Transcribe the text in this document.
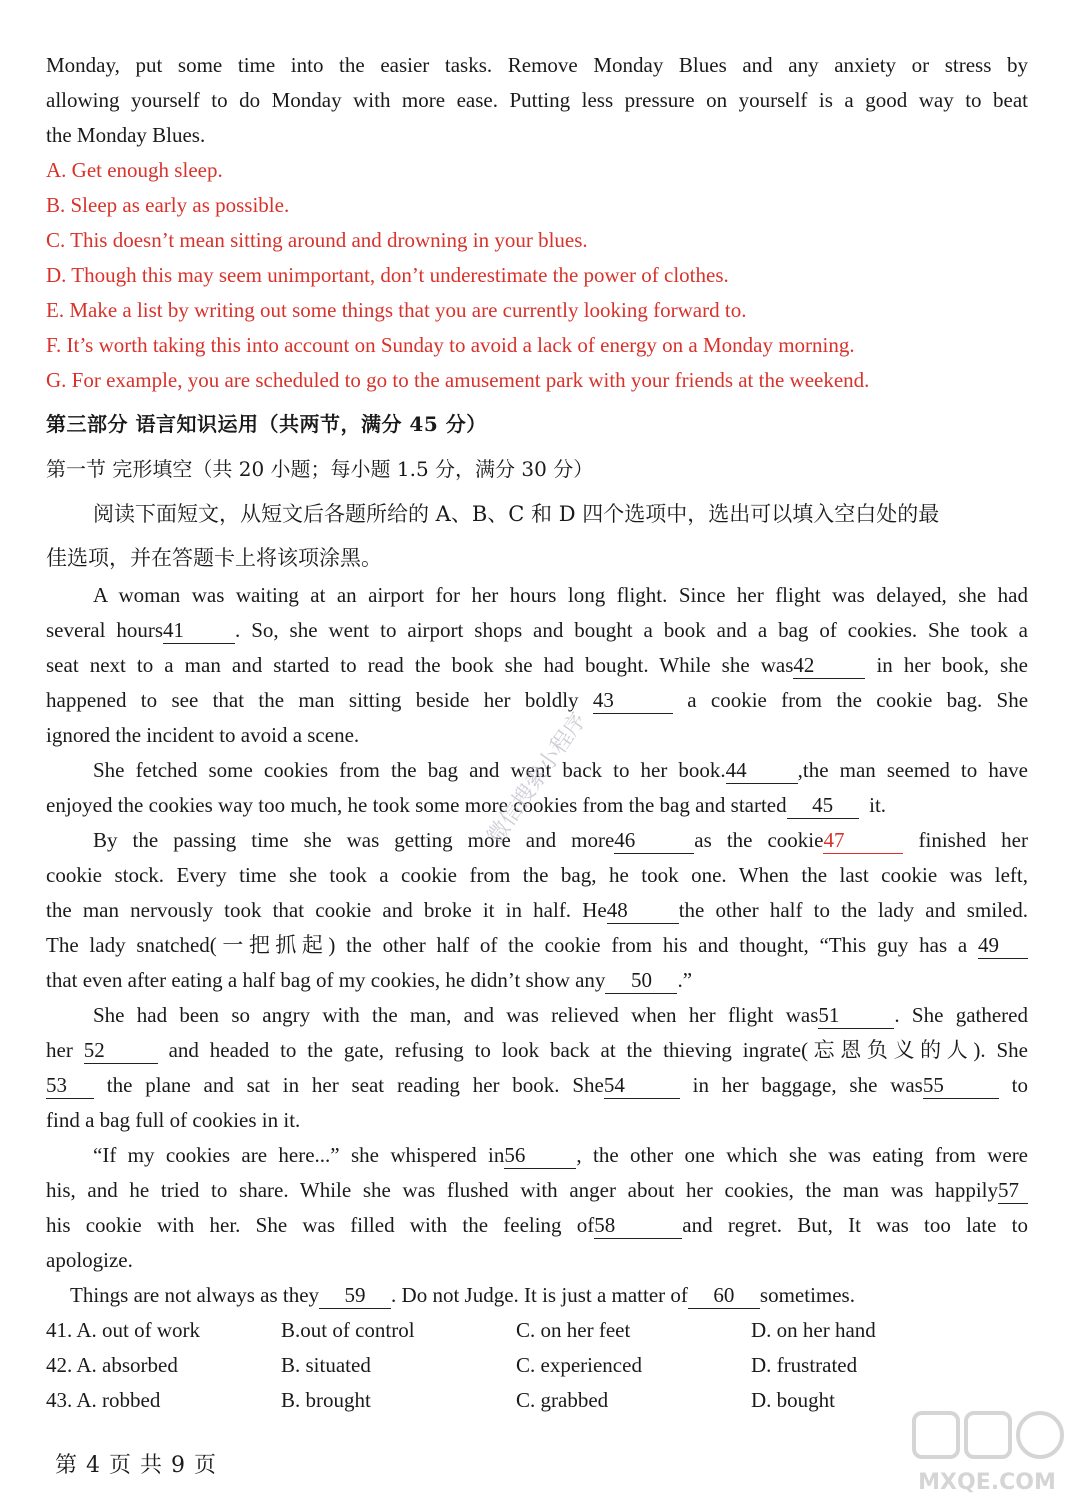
Monday, put some time into the easier tasks. Remove Monday Blues and any anxiety or stress by
allowing yourself to do Monday with more ease. Putting less pressure on yourself is a good way to beat
the Monday Blues.
A. Get enough sleep.
B. Sleep as early as possible.
C. This doesn’t mean sitting around and drowning in your blues.
D. Though this may seem unimportant, don’t underestimate the power of clothes.
E. Make a list by writing out some things that you are currently looking forward to.
F. It’s worth taking this into account on Sunday to avoid a lack of energy on a Monday morning.
G. For example, you are scheduled to go to the amusement park with your friends at the weekend.
第三部分 语言知识运用（共两节，满分 45 分）
第一节 完形填空（共 20 小题；每小题 1.5 分，满分 30 分）
阅读下面短文，从短文后各题所给的 A、B、C 和 D 四个选项中，选出可以填入空白处的最
佳选项，并在答题卡上将该项涂黑。
A woman was waiting at an airport for her hours long flight. Since her flight was delayed, she had
several hours41 . So, she went to airport shops and bought a book and a bag of cookies. She took a
seat next to a man and started to read the book she had bought. While she was42	in her book, she
happened to see that the man sitting beside her boldly 43	a cookie from the cookie bag. She
ignored the incident to avoid a scene.
She fetched some cookies from the bag and went back to her book.44 ,the man seemed to have
enjoyed the cookies way too much, he took some more cookies from the bag and started 45 it.
By the passing time she was getting more and more46	as the cookie47	finished her
cookie stock. Every time she took a cookie from the bag, he took one. When the last cookie was left,
the man nervously took that cookie and broke it in half. He48 the other half to the lady and smiled.
The lady snatched(一把抓起) the other half of the cookie from his and thought, “This guy has a 49
that even after eating a half bag of my cookies, he didn’t show any 50 .”
She had been so angry with the man, and was relieved when her flight was51	. She gathered
her 52	and headed to the gate, refusing to look back at the thieving ingrate(忘恩负义的人). She
53 the plane and sat in her seat reading her book. She54	in her baggage, she was55	to
find a bag full of cookies in it.
“If my cookies are here...” she whispered in56 , the other one which she was eating from were
his, and he tried to share. While she was flushed with anger about her cookies, the man was happily57
his cookie with her. She was filled with the feeling of58	and regret. But, It was too late to
apologize.
Things are not always as they 59 . Do not Judge. It is just a matter of 60 sometimes.
41. A. out of work	B.out of control	C. on her feet	D. on her hand
42. A. absorbed	B. situated	C. experienced	D. frustrated
43. A. robbed	B. brought	C. grabbed	D. bought
微信搜索小程序
第 4 页 共 9 页
MXQE.COM
